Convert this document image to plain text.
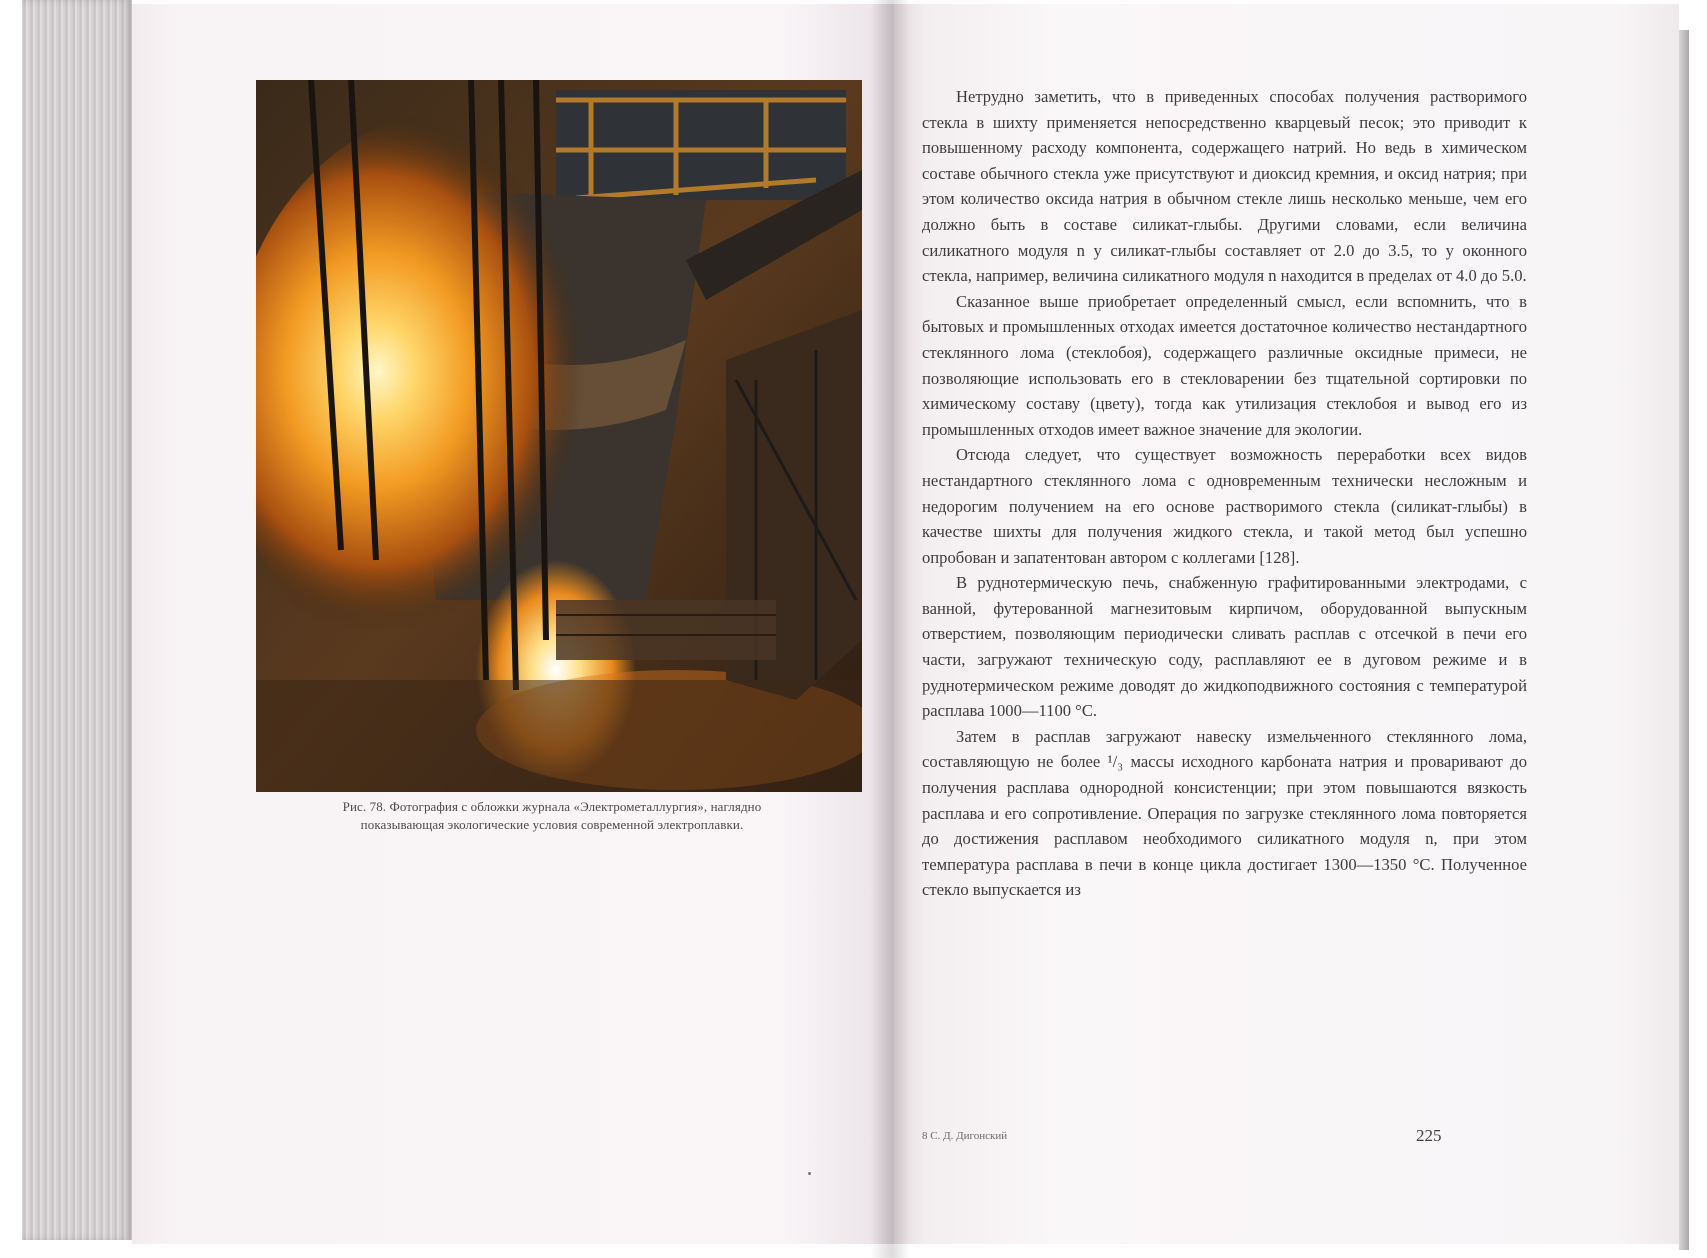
Рис. 78. Фотография с обложки журнала «Электрометаллургия», наглядно
показывающая экологические условия современной электроплавки.

Нетрудно заметить, что в приведенных способах получения растворимого стекла в шихту применяется непосредственно кварцевый песок; это приводит к повышенному расходу компонента, содержащего натрий. Но ведь в химическом составе обычного стекла уже присутствуют и диоксид кремния, и оксид натрия; при этом количество оксида натрия в обычном стекле лишь несколько меньше, чем его должно быть в составе силикат-глыбы. Другими словами, если величина силикатного модуля n у силикат-глыбы составляет от 2.0 до 3.5, то у оконного стекла, например, величина силикатного модуля n находится в пределах от 4.0 до 5.0.

Сказанное выше приобретает определенный смысл, если вспомнить, что в бытовых и промышленных отходах имеется достаточное количество нестандартного стеклянного лома (стеклобоя), содержащего различные оксидные примеси, не позволяющие использовать его в стекловарении без тщательной сортировки по химическому составу (цвету), тогда как утилизация стеклобоя и вывод его из промышленных отходов имеет важное значение для экологии.

Отсюда следует, что существует возможность переработки всех видов нестандартного стеклянного лома с одновременным технически несложным и недорогим получением на его основе растворимого стекла (силикат-глыбы) в качестве шихты для получения жидкого стекла, и такой метод был успешно опробован и запатентован автором с коллегами [128].

В руднотермическую печь, снабженную графитированными электродами, с ванной, футерованной магнезитовым кирпичом, оборудованной выпускным отверстием, позволяющим периодически сливать расплав с отсечкой в печи его части, загружают техническую соду, расплавляют ее в дуговом режиме и в руднотермическом режиме доводят до жидкоподвижного состояния с температурой расплава 1000—1100 °С.

Затем в расплав загружают навеску измельченного стеклянного лома, составляющую не более ¹/₃ массы исходного карбоната натрия и проваривают до получения расплава однородной консистенции; при этом повышаются вязкость расплава и его сопротивление. Операция по загрузке стеклянного лома повторяется до достижения расплавом необходимого силикатного модуля n, при этом температура расплава в печи в конце цикла достигает 1300—1350 °С. Полученное стекло выпускается из

8 С. Д. Дигонский	225
